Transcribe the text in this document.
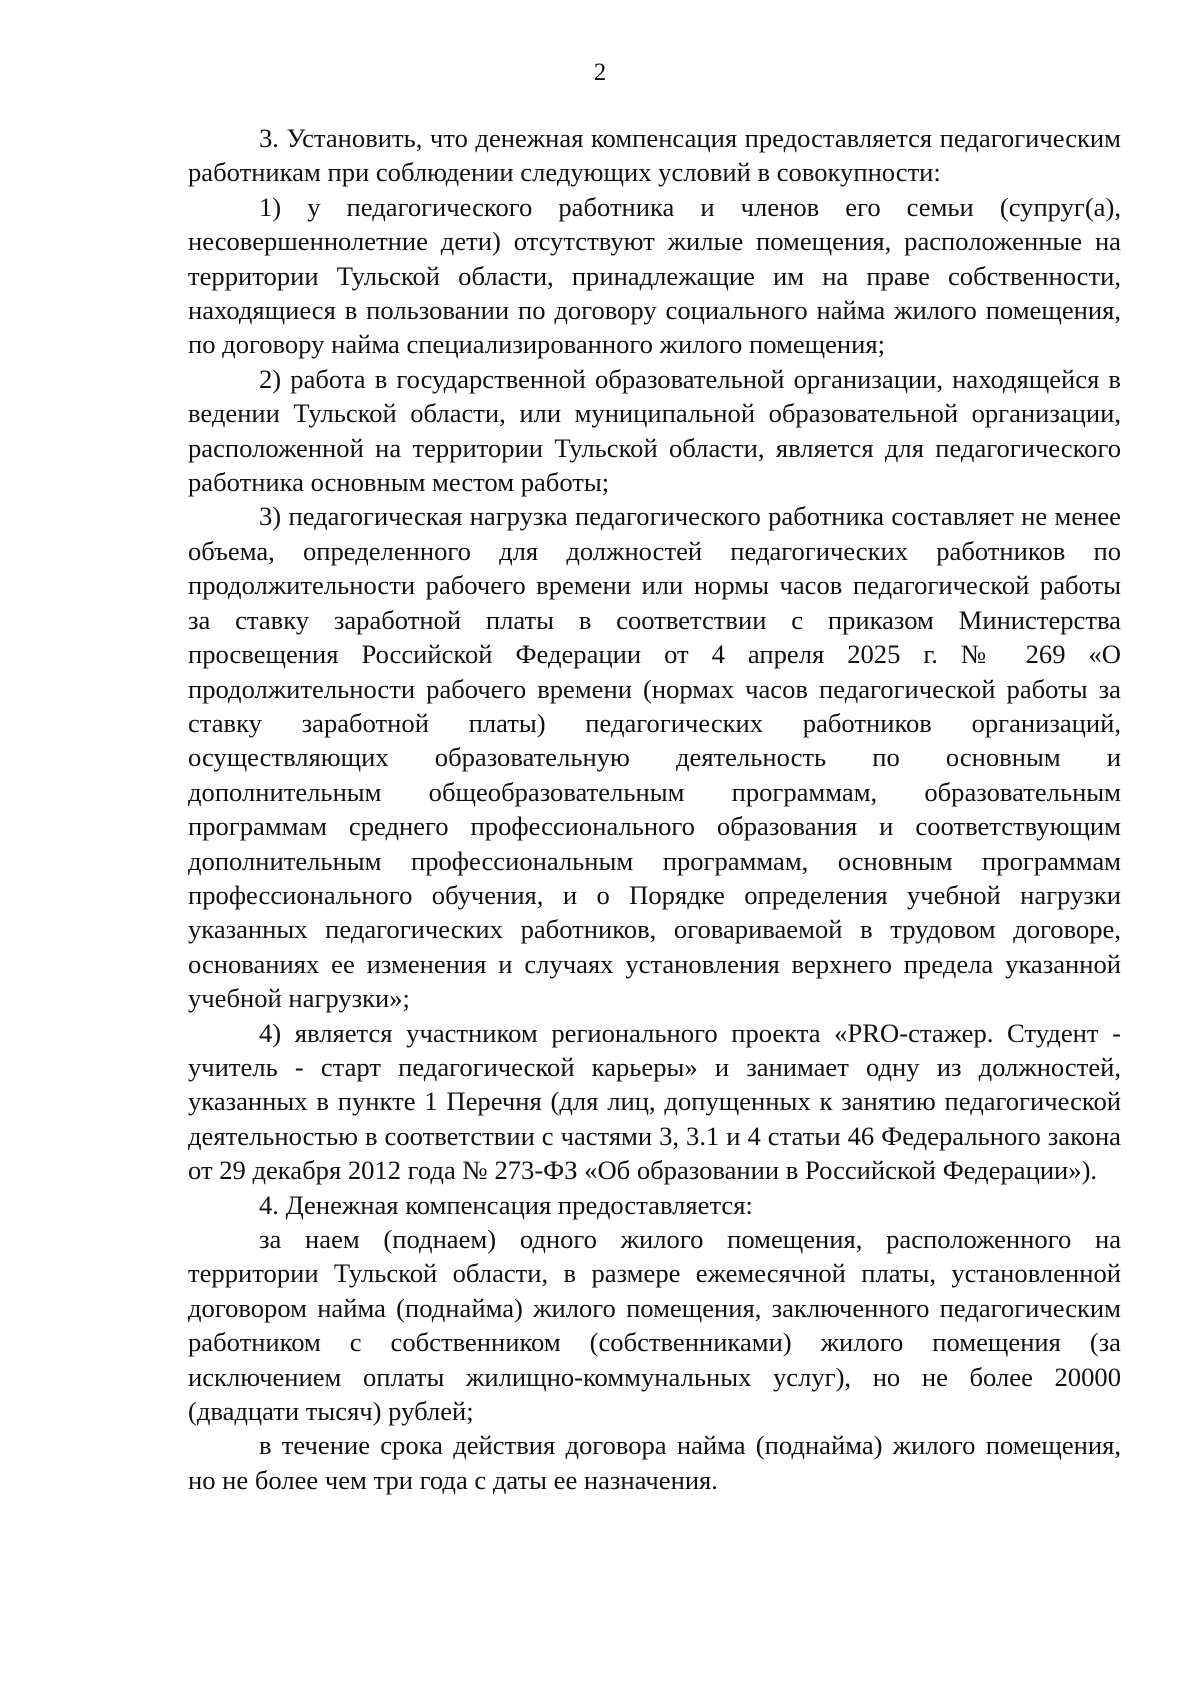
2

3. Установить, что денежная компенсация предоставляется педагогическим работникам при соблюдении следующих условий в совокупности:

1) у педагогического работника и членов его семьи (супруг(а), несовершеннолетние дети) отсутствуют жилые помещения, расположенные на территории Тульской области, принадлежащие им на праве собственности, находящиеся в пользовании по договору социального найма жилого помещения, по договору найма специализированного жилого помещения;

2) работа в государственной образовательной организации, находящейся в ведении Тульской области, или муниципальной образовательной организации, расположенной на территории Тульской области, является для педагогического работника основным местом работы;

3) педагогическая нагрузка педагогического работника составляет не менее объема, определенного для должностей педагогических работников по продолжительности рабочего времени или нормы часов педагогической работы за ставку заработной платы в соответствии с приказом Министерства просвещения Российской Федерации от 4 апреля 2025 г. № 269 «О продолжительности рабочего времени (нормах часов педагогической работы за ставку заработной платы) педагогических работников организаций, осуществляющих образовательную деятельность по основным и дополнительным общеобразовательным программам, образовательным программам среднего профессионального образования и соответствующим дополнительным профессиональным программам, основным программам профессионального обучения, и о Порядке определения учебной нагрузки указанных педагогических работников, оговариваемой в трудовом договоре, основаниях ее изменения и случаях установления верхнего предела указанной учебной нагрузки»;

4) является участником регионального проекта «PRO-стажер. Студент - учитель - старт педагогической карьеры» и занимает одну из должностей, указанных в пункте 1 Перечня (для лиц, допущенных к занятию педагогической деятельностью в соответствии с частями 3, 3.1 и 4 статьи 46 Федерального закона от 29 декабря 2012 года № 273-ФЗ «Об образовании в Российской Федерации»).

4. Денежная компенсация предоставляется:

за наем (поднаем) одного жилого помещения, расположенного на территории Тульской области, в размере ежемесячной платы, установленной договором найма (поднайма) жилого помещения, заключенного педагогическим работником с собственником (собственниками) жилого помещения (за исключением оплаты жилищно-коммунальных услуг), но не более 20000 (двадцати тысяч) рублей;

в течение срока действия договора найма (поднайма) жилого помещения, но не более чем три года с даты ее назначения.
